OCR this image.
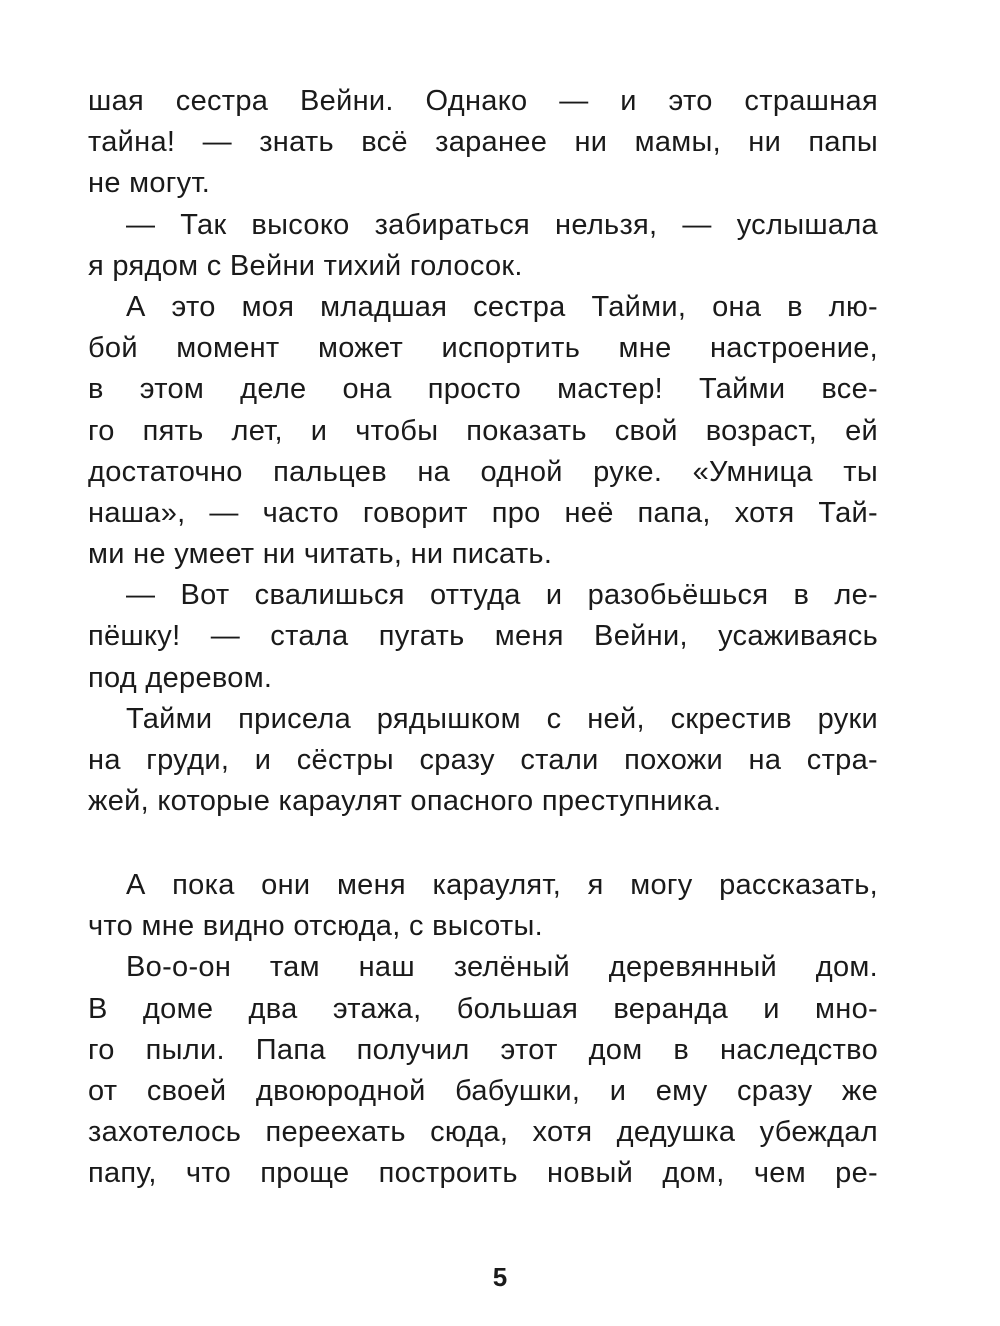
шая сестра Вейни. Однако — и это страшная
тайна! — знать всё заранее ни мамы, ни папы
не могут.
— Так высоко забираться нельзя, — услышала
я рядом с Вейни тихий голосок.
А это моя младшая сестра Тайми, она в лю-
бой момент может испортить мне настроение,
в этом деле она просто мастер! Тайми все-
го пять лет, и чтобы показать свой возраст, ей
достаточно пальцев на одной руке. «Умница ты
наша», — часто говорит про неё папа, хотя Тай-
ми не умеет ни читать, ни писать.
— Вот свалишься оттуда и разобьёшься в ле-
пёшку! — стала пугать меня Вейни, усаживаясь
под деревом.
Тайми присела рядышком с ней, скрестив руки
на груди, и сёстры сразу стали похожи на стра-
жей, которые караулят опасного преступника.
А пока они меня караулят, я могу рассказать,
что мне видно отсюда, с высоты.
Во-о-он там наш зелёный деревянный дом.
В доме два этажа, большая веранда и мно-
го пыли. Папа получил этот дом в наследство
от своей двоюродной бабушки, и ему сразу же
захотелось переехать сюда, хотя дедушка убеждал
папу, что проще построить новый дом, чем ре-
5
